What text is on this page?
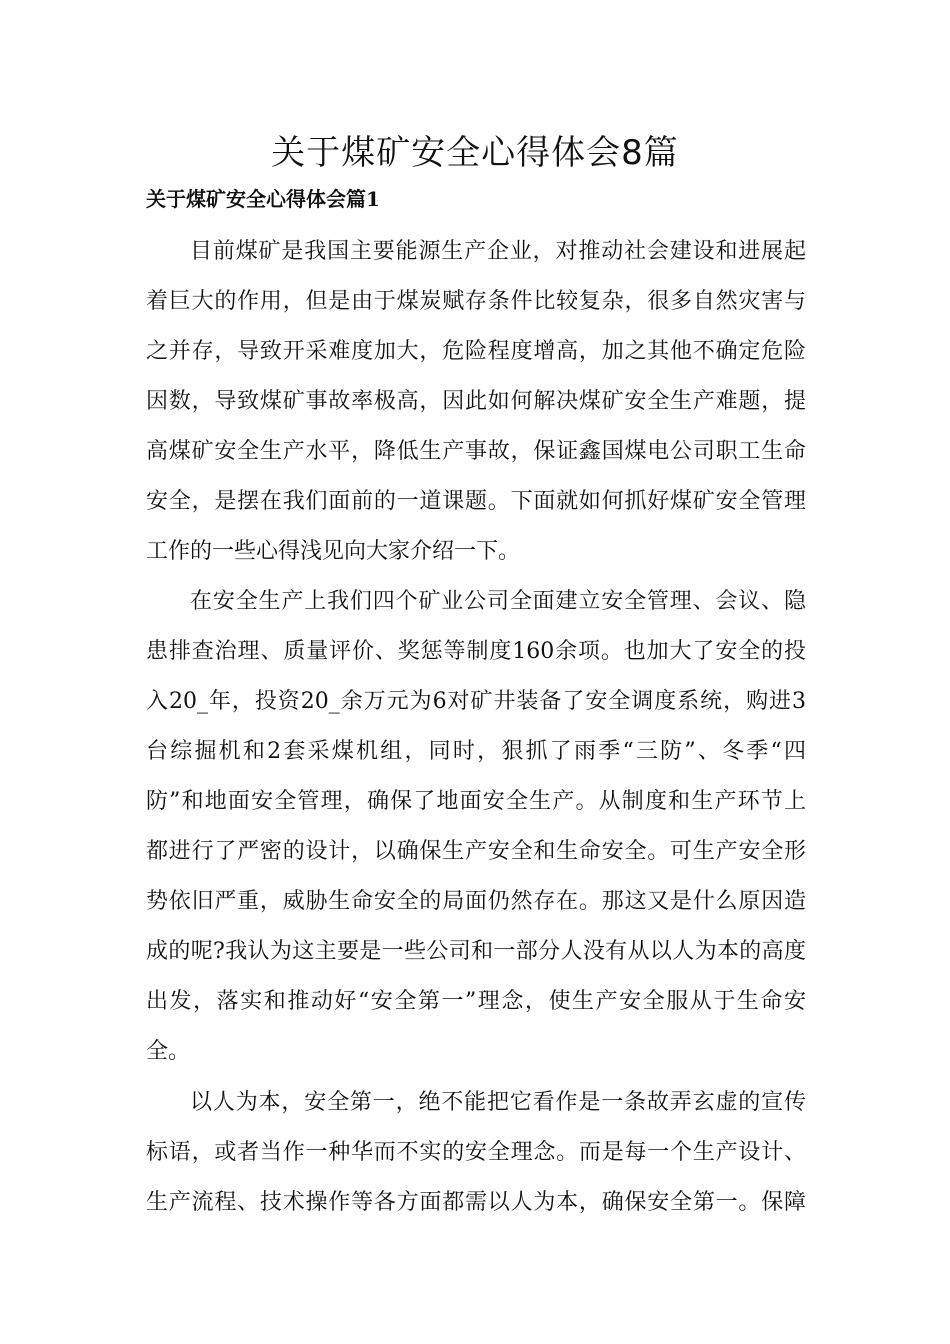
关于煤矿安全心得体会8篇
关于煤矿安全心得体会篇1

目前煤矿是我国主要能源生产企业，对推动社会建设和进展起

着巨大的作用，但是由于煤炭赋存条件比较复杂，很多自然灾害与

之并存，导致开采难度加大，危险程度增高，加之其他不确定危险

因数，导致煤矿事故率极高，因此如何解决煤矿安全生产难题，提

高煤矿安全生产水平，降低生产事故，保证鑫国煤电公司职工生命

安全，是摆在我们面前的一道课题。下面就如何抓好煤矿安全管理

工作的一些心得浅见向大家介绍一下。

在安全生产上我们四个矿业公司全面建立安全管理、会议、隐

患排查治理、质量评价、奖惩等制度160余项。也加大了安全的投

入20_年，投资20_余万元为6对矿井装备了安全调度系统，购进3

台综掘机和2套采煤机组，同时，狠抓了雨季“三防”、冬季“四

防”和地面安全管理，确保了地面安全生产。从制度和生产环节上

都进行了严密的设计，以确保生产安全和生命安全。可生产安全形

势依旧严重，威胁生命安全的局面仍然存在。那这又是什么原因造

成的呢?我认为这主要是一些公司和一部分人没有从以人为本的高度

出发，落实和推动好“安全第一”理念，使生产安全服从于生命安

全。

以人为本，安全第一，绝不能把它看作是一条故弄玄虚的宣传

标语，或者当作一种华而不实的安全理念。而是每一个生产设计、

生产流程、技术操作等各方面都需以人为本，确保安全第一。保障
